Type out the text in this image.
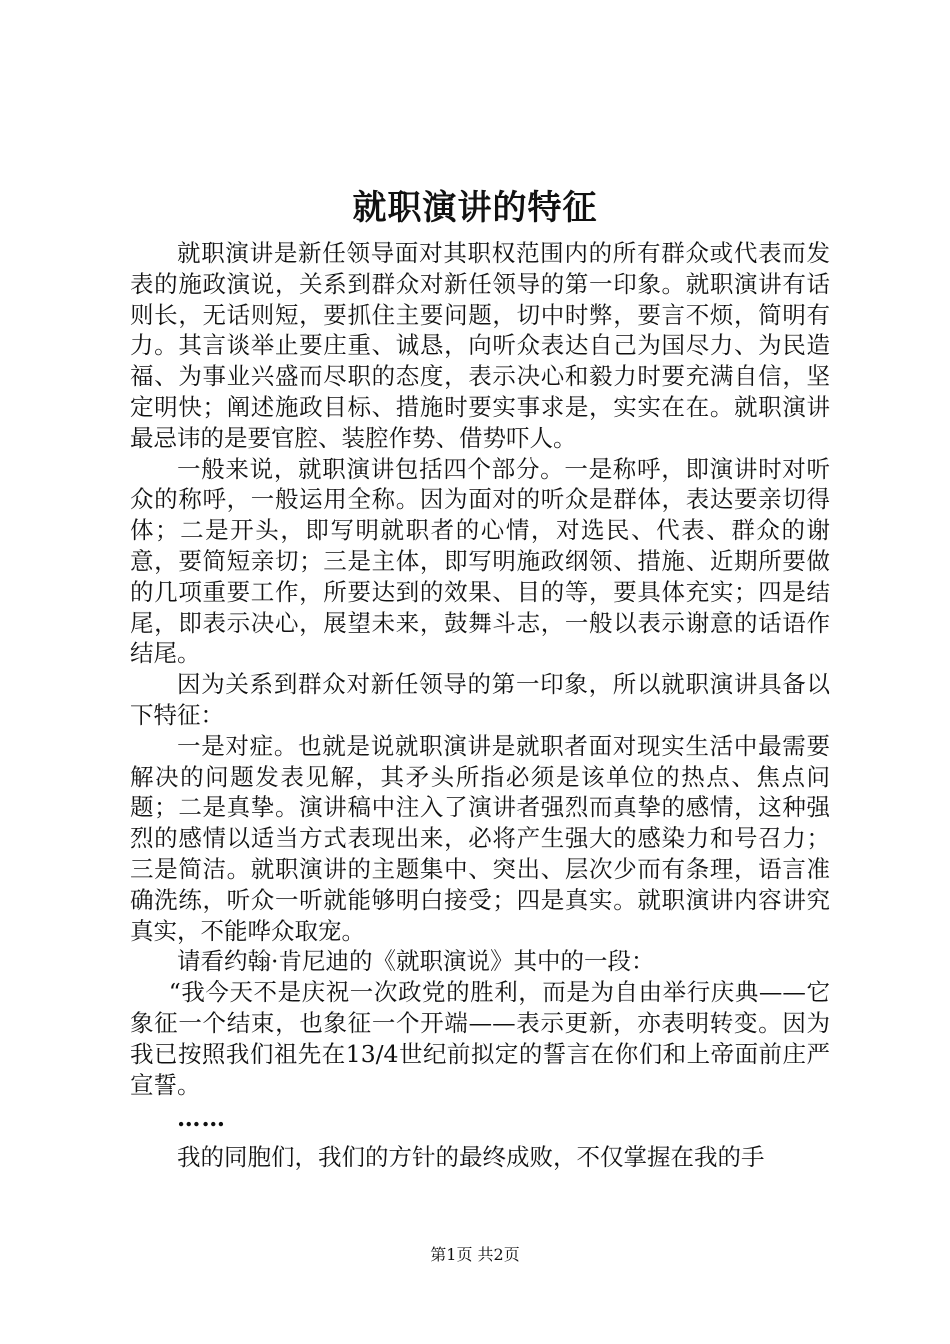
就职演讲的特征

就职演讲是新任领导面对其职权范围内的所有群众或代表而发表的施政演说，关系到群众对新任领导的第一印象。就职演讲有话则长，无话则短，要抓住主要问题，切中时弊，要言不烦，简明有力。其言谈举止要庄重、诚恳，向听众表达自己为国尽力、为民造福、为事业兴盛而尽职的态度，表示决心和毅力时要充满自信，坚定明快；阐述施政目标、措施时要实事求是，实实在在。就职演讲最忌讳的是要官腔、装腔作势、借势吓人。

一般来说，就职演讲包括四个部分。一是称呼，即演讲时对听众的称呼，一般运用全称。因为面对的听众是群体，表达要亲切得体；二是开头，即写明就职者的心情，对选民、代表、群众的谢意，要简短亲切；三是主体，即写明施政纲领、措施、近期所要做的几项重要工作，所要达到的效果、目的等，要具体充实；四是结尾，即表示决心，展望未来，鼓舞斗志，一般以表示谢意的话语作结尾。

因为关系到群众对新任领导的第一印象，所以就职演讲具备以下特征：

一是对症。也就是说就职演讲是就职者面对现实生活中最需要解决的问题发表见解，其矛头所指必须是该单位的热点、焦点问题；二是真挚。演讲稿中注入了演讲者强烈而真挚的感情，这种强烈的感情以适当方式表现出来，必将产生强大的感染力和号召力；三是简洁。就职演讲的主题集中、突出、层次少而有条理，语言准确洗练，听众一听就能够明白接受；四是真实。就职演讲内容讲究真实，不能哗众取宠。

请看约翰·肯尼迪的《就职演说》其中的一段：

“我今天不是庆祝一次政党的胜利，而是为自由举行庆典——它象征一个结束，也象征一个开端——表示更新，亦表明转变。因为我已按照我们祖先在13/4世纪前拟定的誓言在你们和上帝面前庄严宣誓。

……

我的同胞们，我们的方针的最终成败，不仅掌握在我的手

第1页 共2页
